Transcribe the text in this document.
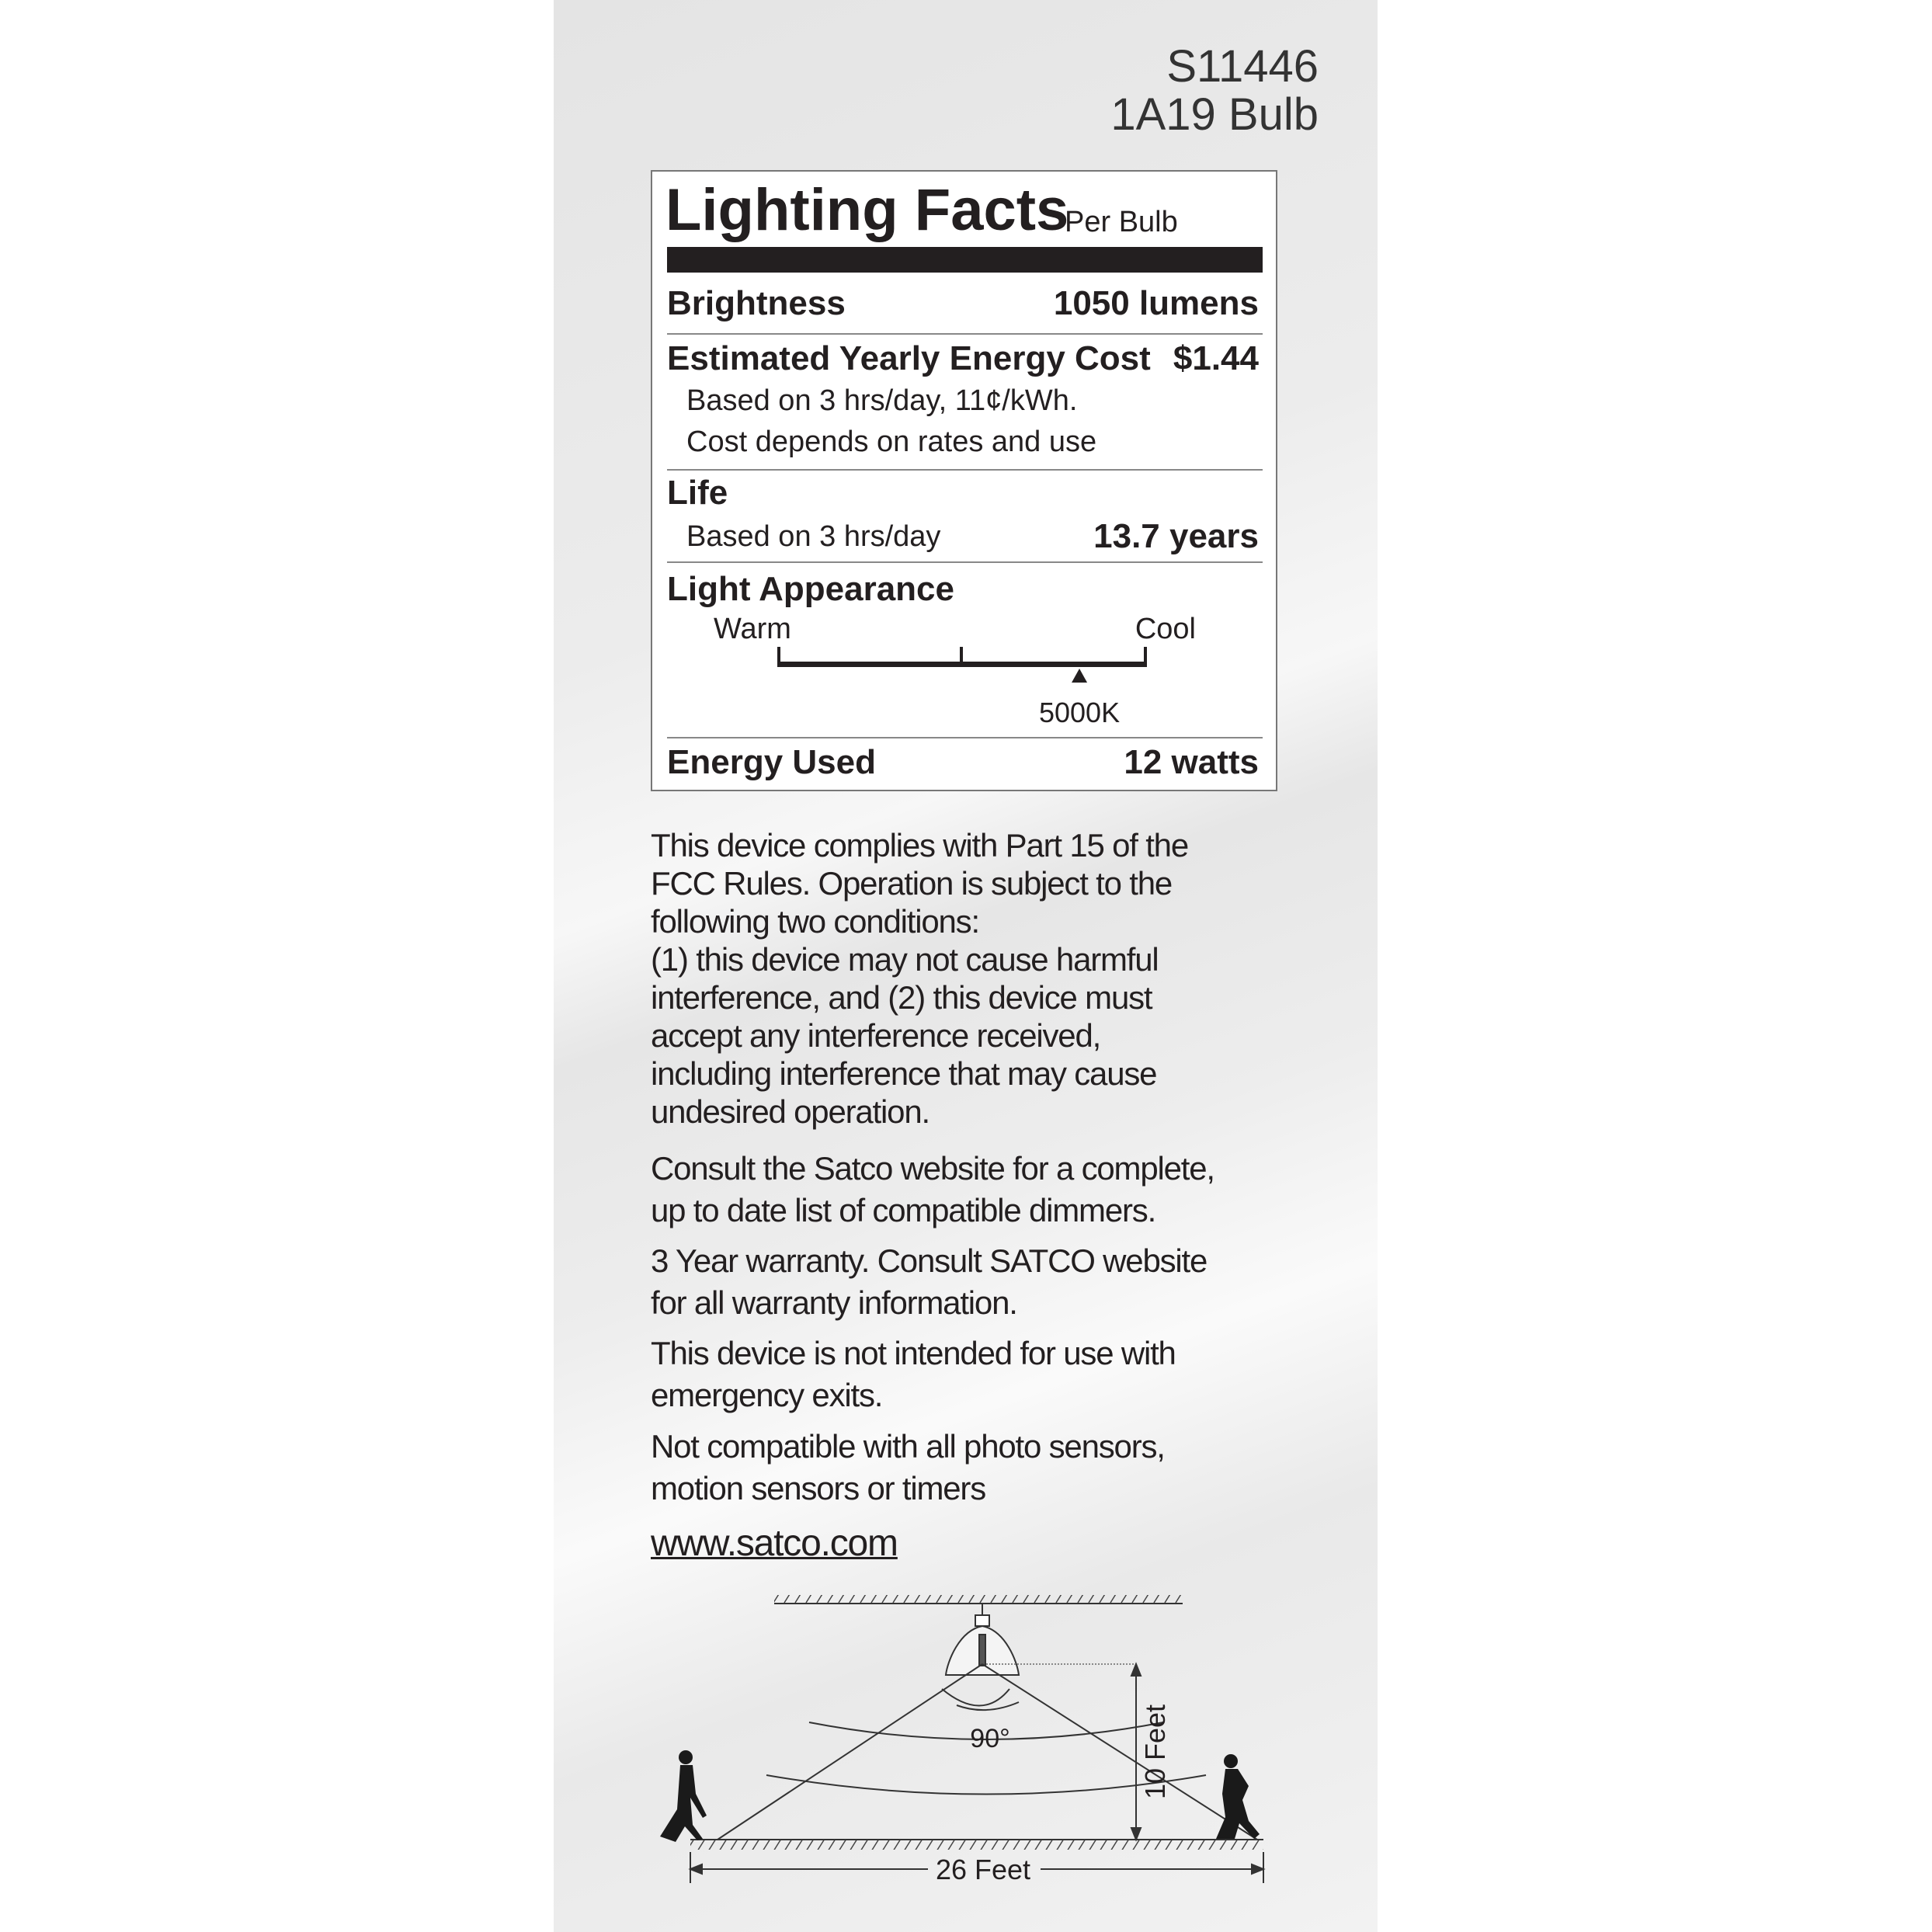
S11446
1A19 Bulb
Lighting Facts
Per Bulb
Brightness	1050 lumens
Estimated Yearly Energy Cost $1.44
Based on 3 hrs/day, 11¢/kWh.
Cost depends on rates and use
Life
Based on 3 hrs/day	13.7 years
Light Appearance
Warm	Cool
5000K
Energy Used	12 watts
This device complies with Part 15 of the
FCC Rules. Operation is subject to the
following two conditions:
(1) this device may not cause harmful
interference, and (2) this device must
accept any interference received,
including interference that may cause
undesired operation.
Consult the Satco website for a complete,
up to date list of compatible dimmers.
3 Year warranty. Consult SATCO website
for all warranty information.
This device is not intended for use with
emergency exits.
Not compatible with all photo sensors,
motion sensors or timers
www.satco.com
90°	10 Feet
26 Feet
